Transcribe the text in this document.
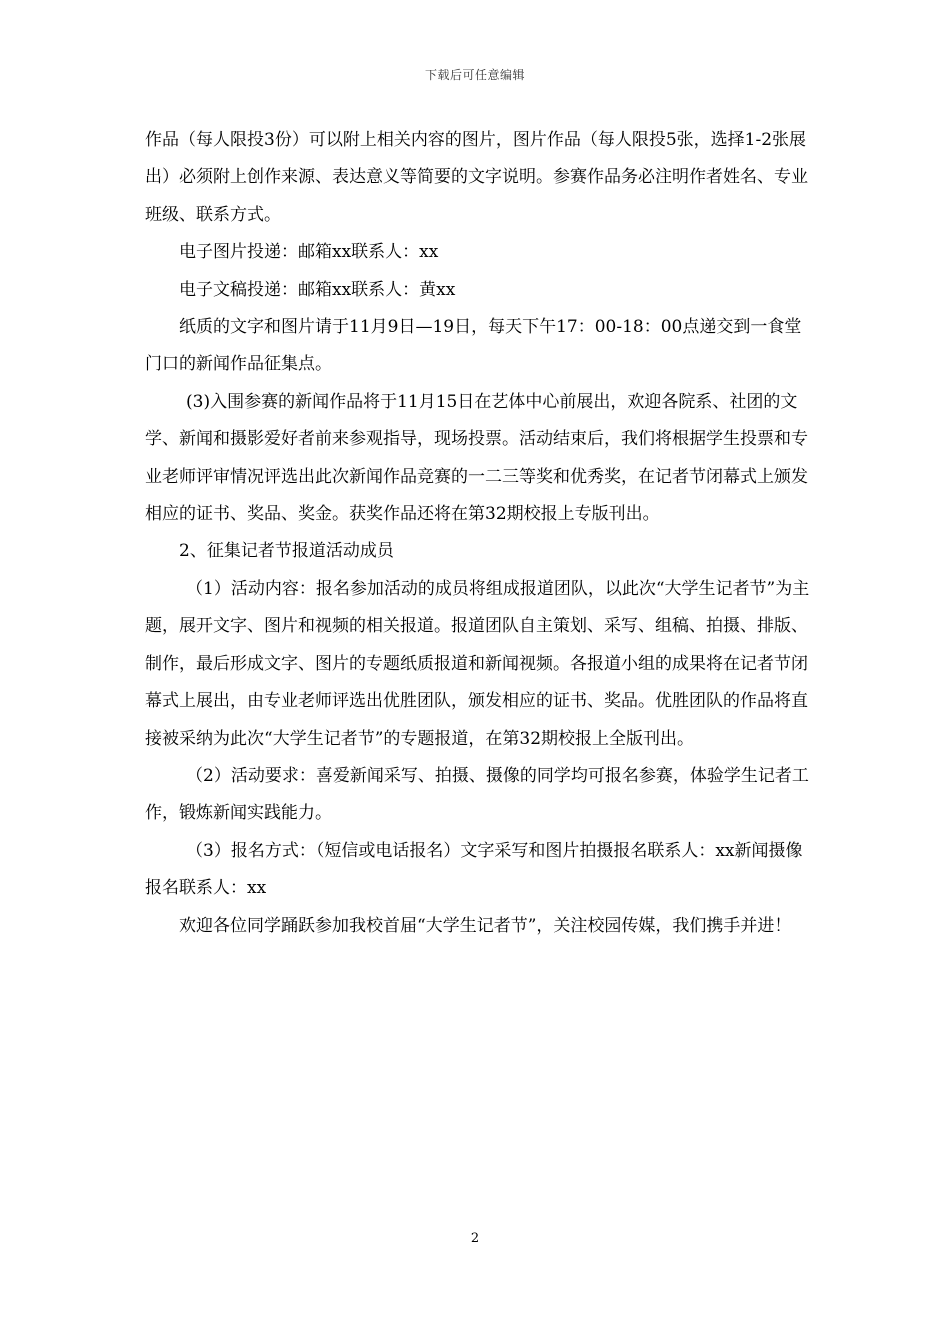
下载后可任意编辑

作品（每人限投3份）可以附上相关内容的图片，图片作品（每人限投5张，选择1-2张展出）必须附上创作来源、表达意义等简要的文字说明。参赛作品务必注明作者姓名、专业班级、联系方式。

电子图片投递：邮箱xx联系人：xx

电子文稿投递：邮箱xx联系人：黄xx

纸质的文字和图片请于11月9日—19日，每天下午17：00-18：00点递交到一食堂门口的新闻作品征集点。

(3)入围参赛的新闻作品将于11月15日在艺体中心前展出，欢迎各院系、社团的文学、新闻和摄影爱好者前来参观指导，现场投票。活动结束后，我们将根据学生投票和专业老师评审情况评选出此次新闻作品竞赛的一二三等奖和优秀奖，在记者节闭幕式上颁发相应的证书、奖品、奖金。获奖作品还将在第32期校报上专版刊出。

2、征集记者节报道活动成员

（1）活动内容：报名参加活动的成员将组成报道团队，以此次“大学生记者节”为主题，展开文字、图片和视频的相关报道。报道团队自主策划、采写、组稿、拍摄、排版、制作，最后形成文字、图片的专题纸质报道和新闻视频。各报道小组的成果将在记者节闭幕式上展出，由专业老师评选出优胜团队，颁发相应的证书、奖品。优胜团队的作品将直接被采纳为此次“大学生记者节”的专题报道，在第32期校报上全版刊出。

（2）活动要求：喜爱新闻采写、拍摄、摄像的同学均可报名参赛，体验学生记者工作，锻炼新闻实践能力。

（3）报名方式：（短信或电话报名）文字采写和图片拍摄报名联系人：xx新闻摄像报名联系人：xx

欢迎各位同学踊跃参加我校首届“大学生记者节”，关注校园传媒，我们携手并进！

2
